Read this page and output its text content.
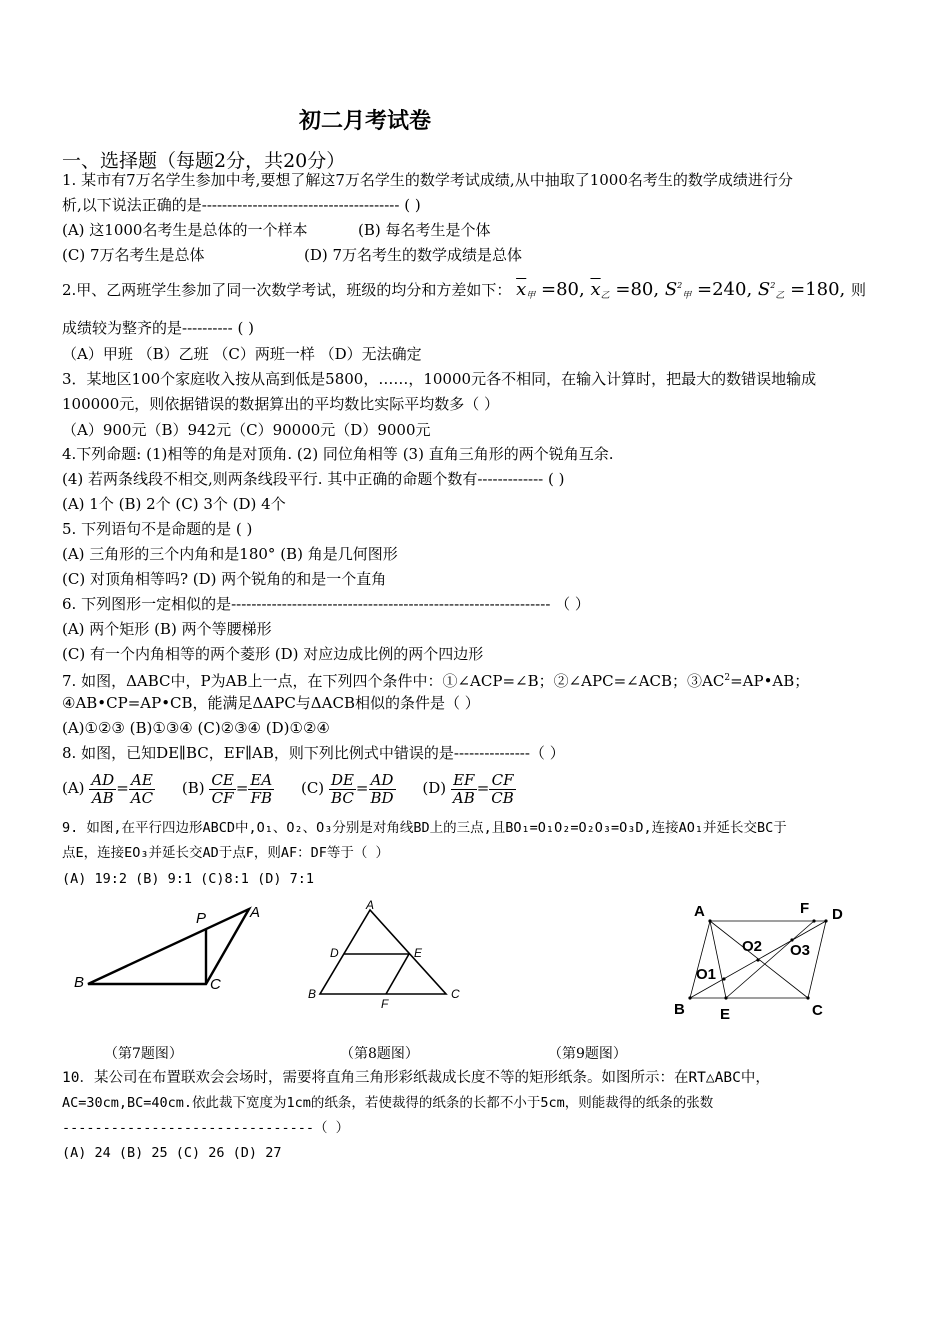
初二月考试卷
一、选择题（每题2分，共20分）
1. 某市有7万名学生参加中考,要想了解这7万名学生的数学考试成绩,从中抽取了1000名考生的数学成绩进行分
析,以下说法正确的是--------------------------------------- ( )
(A) 这1000名考生是总体的一个样本	(B) 每名考生是个体
(C) 7万名考生是总体	(D) 7万名考生的数学成绩是总体
2.甲、乙两班学生参加了同一次数学考试，班级的均分和方差如下： $\overline{x}_甲 =80$, $\overline{x}_乙 =80$, $S^2_甲 =240$, $S^2_乙 =180$, 则
成绩较为整齐的是---------- ( )
（A）甲班 （B）乙班 （C）两班一样 （D）无法确定
3．某地区100个家庭收入按从高到低是5800，……，10000元各不相同，在输入计算时，把最大的数错误地输成
100000元，则依据错误的数据算出的平均数比实际平均数多（ ）
（A）900元（B）942元（C）90000元（D）9000元
4.下列命题: (1)相等的角是对顶角. (2) 同位角相等 (3) 直角三角形的两个锐角互余.
(4) 若两条线段不相交,则两条线段平行. 其中正确的命题个数有------------- ( )
(A) 1个 (B) 2个 (C) 3个 (D) 4个
5. 下列语句不是命题的是 ( )
(A) 三角形的三个内角和是180° (B) 角是几何图形
(C) 对顶角相等吗? (D) 两个锐角的和是一个直角
6. 下列图形一定相似的是--------------------------------------------------------------- （ ）
(A) 两个矩形 (B) 两个等腰梯形
(C) 有一个内角相等的两个菱形 (D) 对应边成比例的两个四边形
7. 如图，ΔABC中，P为AB上一点，在下列四个条件中：①∠ACP=∠B；②∠APC=∠ACB；$③AC^2=AP•AB$；
④AB•CP=AP•CB，能满足ΔAPC与ΔACB相似的条件是（ ）
(A)①②③ (B)①③④ (C)②③④ (D)①②④
8. 如图，已知DE∥BC，EF∥AB，则下列比例式中错误的是---------------（ ）
$(A) \frac{AD}{AB} = \frac{AE}{AC} (B) \frac{CE}{CF} = \frac{EA}{FB} (C) \frac{DE}{BC} = \frac{AD}{BD} (D) \frac{EF}{AB} = \frac{CF}{CB}$
9. 如图,在平行四边形ABCD中,O₁、O₂、O₃分别是对角线BD上的三点,且BO₁=O₁O₂=O₂O₃=O₃D,连接AO₁并延长交BC于
点E，连接EO₃并延长交AD于点F，则AF：DF等于（ ）
(A) 19:2 (B) 9:1 (C)8:1 (D) 7:1
B
A
P
C
A
D	E
B	C
F
A	F D
O2 O3
O1
B E	C
（第7题图）	（第8题图）	（第9题图）
10．某公司在布置联欢会会场时，需要将直角三角形彩纸裁成长度不等的矩形纸条。如图所示：在RT△ABC中，
AC=30cm,BC=40cm.依此裁下宽度为1cm的纸条，若使裁得的纸条的长都不小于5cm，则能裁得的纸条的张数
-------------------------------（ ）
(A) 24 (B) 25 (C) 26 (D) 27
